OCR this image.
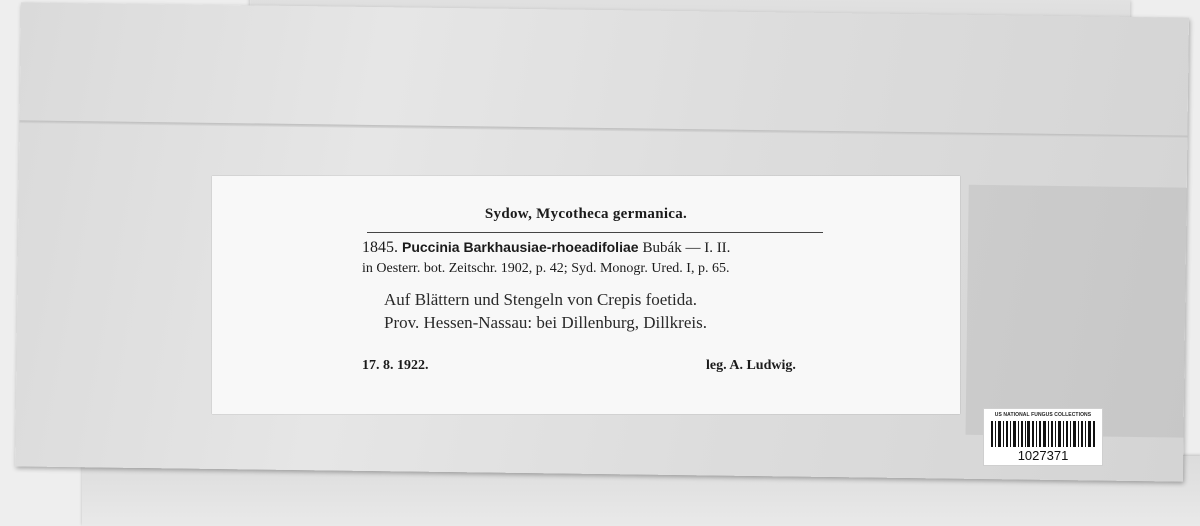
Sydow, Mycotheca germanica.
1845. Puccinia Barkhausiae-rhoeadifoliae Bubák — I. II.
in Oesterr. bot. Zeitschr. 1902, p. 42; Syd. Monogr. Ured. I, p. 65.
Auf Blättern und Stengeln von Crepis foetida.
Prov. Hessen-Nassau: bei Dillenburg, Dillkreis.
17. 8. 1922.	leg. A. Ludwig.
US NATIONAL FUNGUS COLLECTIONS
1027371
